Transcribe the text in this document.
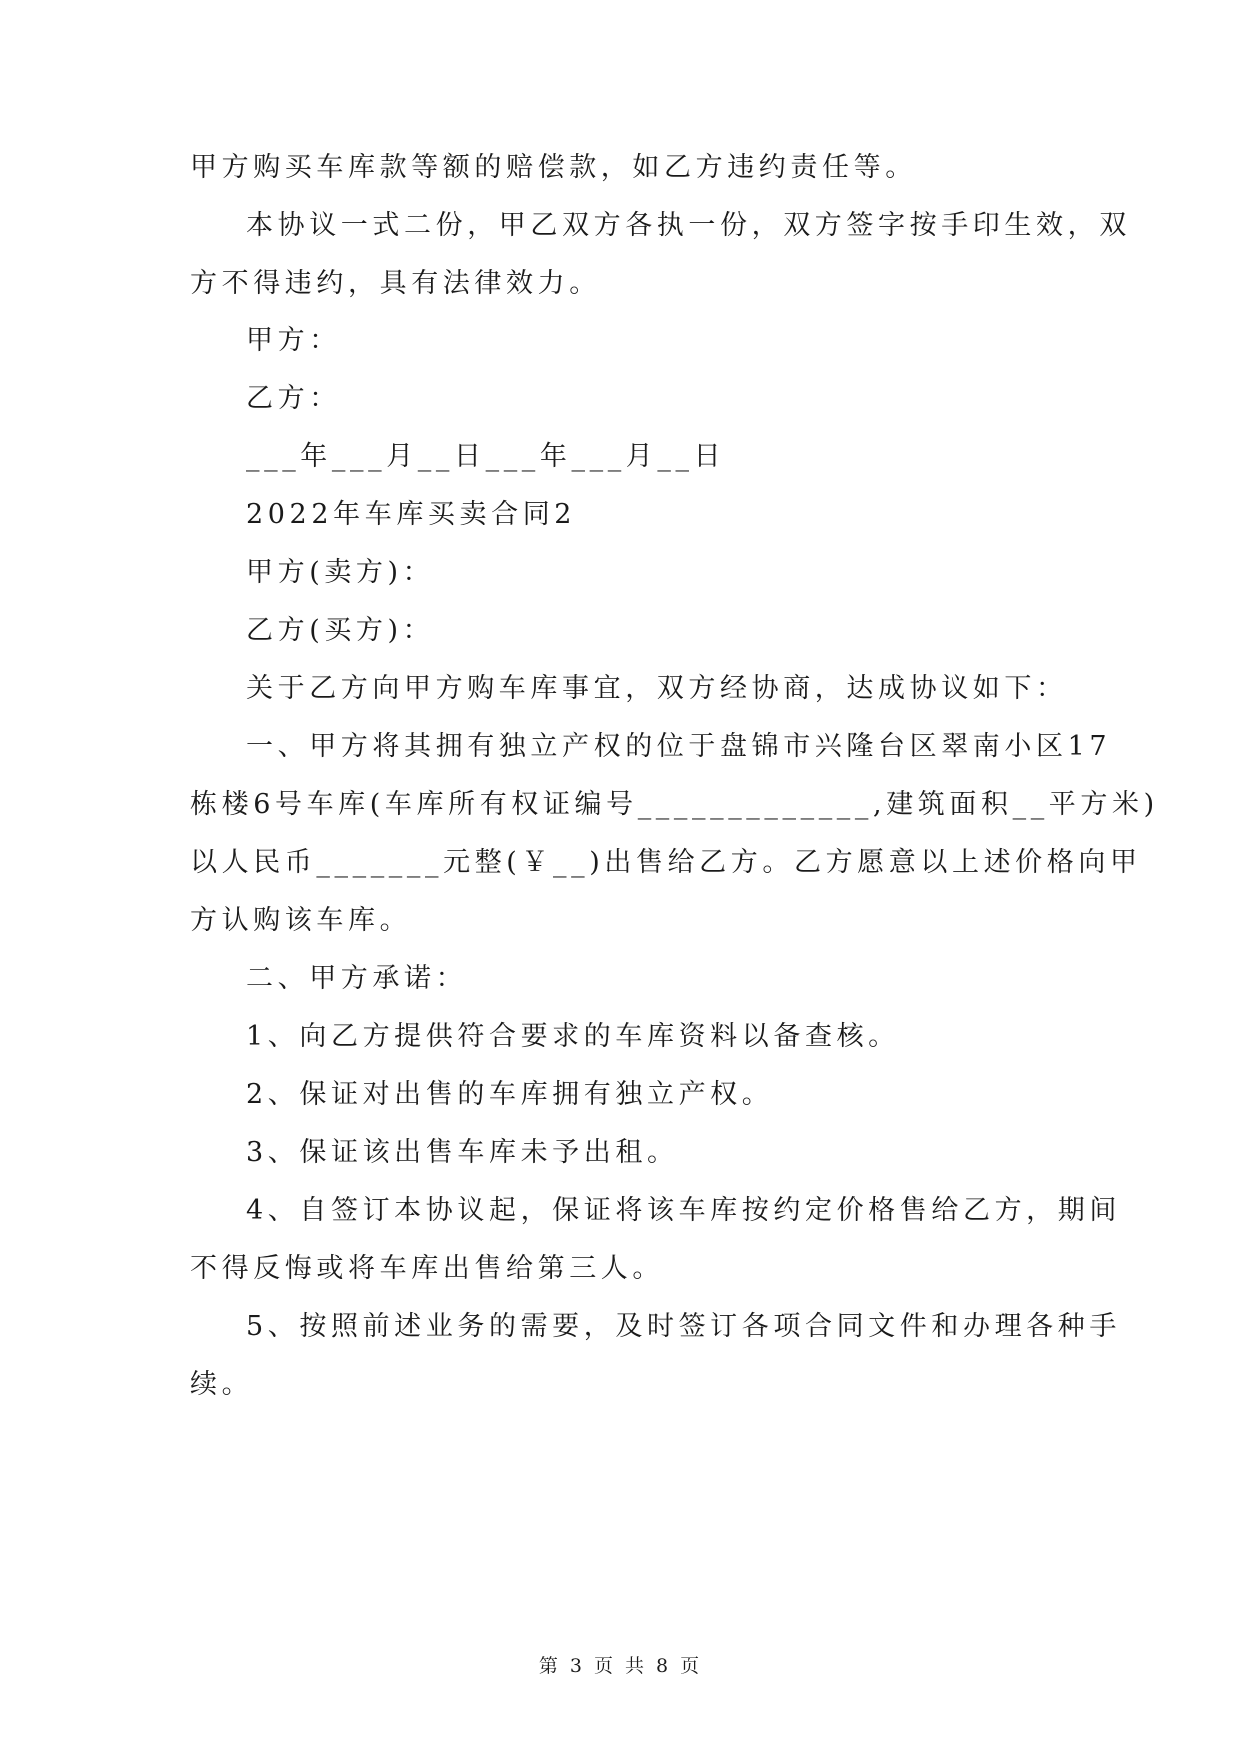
甲方购买车库款等额的赔偿款，如乙方违约责任等。
本协议一式二份，甲乙双方各执一份，双方签字按手印生效，双
方不得违约，具有法律效力。
甲方：
乙方：
___年___月__日___年___月__日
2022年车库买卖合同2
甲方(卖方)：
乙方(买方)：
关于乙方向甲方购车库事宜，双方经协商，达成协议如下：
一、甲方将其拥有独立产权的位于盘锦市兴隆台区翠南小区17
栋楼6号车库(车库所有权证编号_____________,建筑面积__平方米)
以人民币_______元整(￥__)出售给乙方。乙方愿意以上述价格向甲
方认购该车库。
二、甲方承诺：
1、向乙方提供符合要求的车库资料以备查核。
2、保证对出售的车库拥有独立产权。
3、保证该出售车库未予出租。
4、自签订本协议起，保证将该车库按约定价格售给乙方，期间
不得反悔或将车库出售给第三人。
5、按照前述业务的需要，及时签订各项合同文件和办理各种手
续。
第 3 页 共 8 页
